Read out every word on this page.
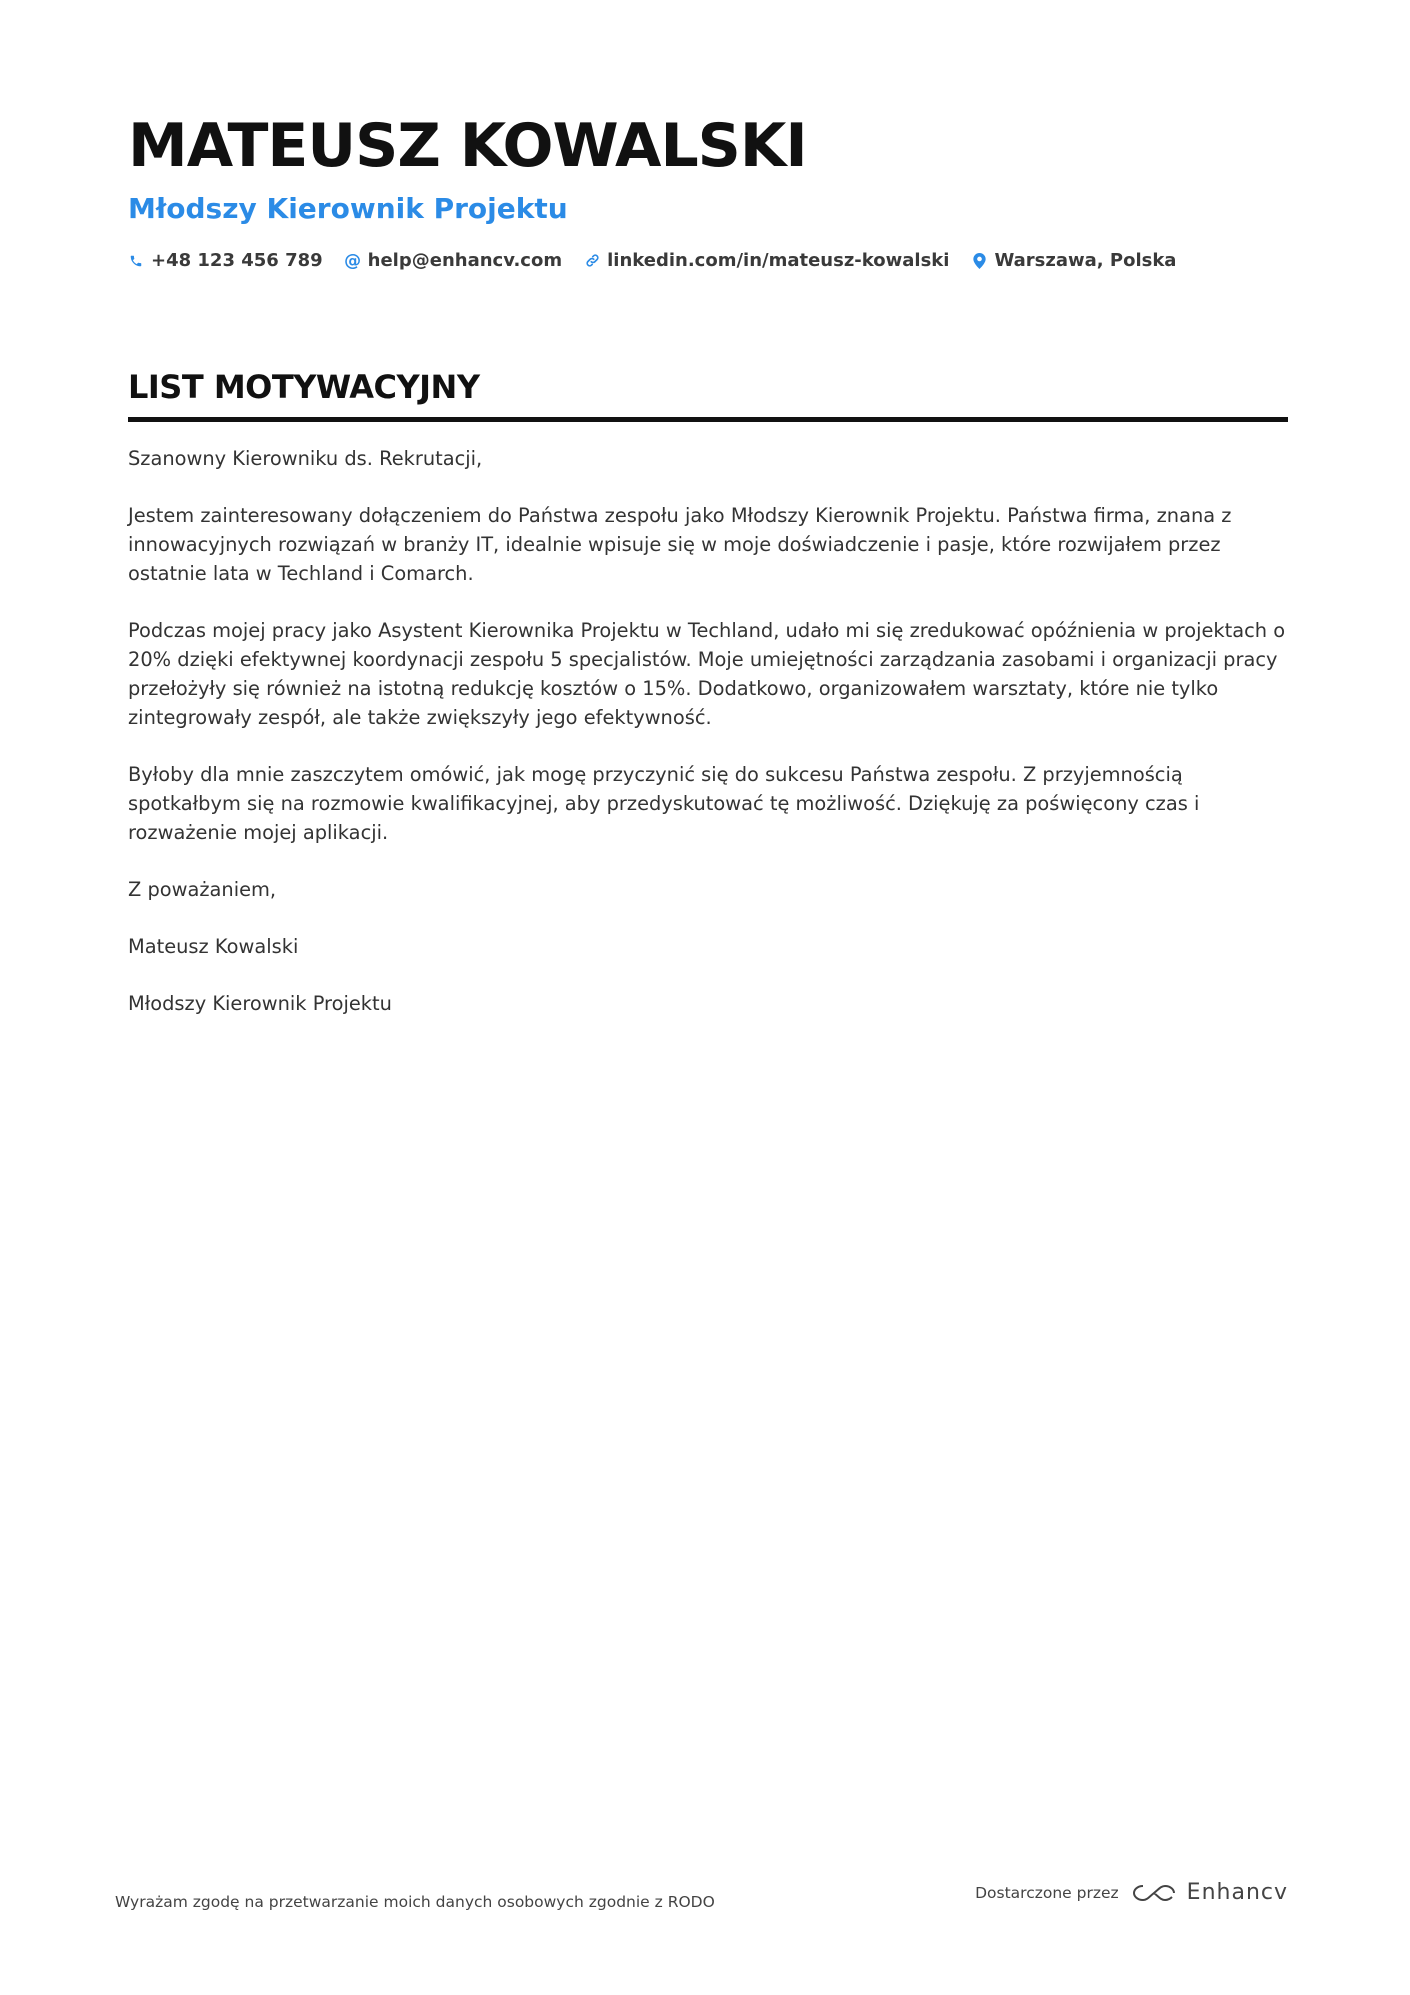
MATEUSZ KOWALSKI
Młodszy Kierownik Projektu
+48 123 456 789 @ help@enhancv.com	linkedin.com/in/mateusz-kowalski	Warszawa, Polska
LIST MOTYWACYJNY

Szanowny Kierowniku ds. Rekrutacji,

Jestem zainteresowany dołączeniem do Państwa zespołu jako Młodszy Kierownik Projektu. Państwa firma, znana z innowacyjnych rozwiązań w branży IT, idealnie wpisuje się w moje doświadczenie i pasje, które rozwijałem przez ostatnie lata w Techland i Comarch.

Podczas mojej pracy jako Asystent Kierownika Projektu w Techland, udało mi się zredukować opóźnienia w projektach o 20% dzięki efektywnej koordynacji zespołu 5 specjalistów. Moje umiejętności zarządzania zasobami i organizacji pracy przełożyły się również na istotną redukcję kosztów o 15%. Dodatkowo, organizowałem warsztaty, które nie tylko zintegrowały zespół, ale także zwiększyły jego efektywność.

Byłoby dla mnie zaszczytem omówić, jak mogę przyczynić się do sukcesu Państwa zespołu. Z przyjemnością spotkałbym się na rozmowie kwalifikacyjnej, aby przedyskutować tę możliwość. Dziękuję za poświęcony czas i rozważenie mojej aplikacji.

Z poważaniem,

Mateusz Kowalski

Młodszy Kierownik Projektu

Wyrażam zgodę na przetwarzanie moich danych osobowych zgodnie z RODO
Dostarczone przez	Enhancv
